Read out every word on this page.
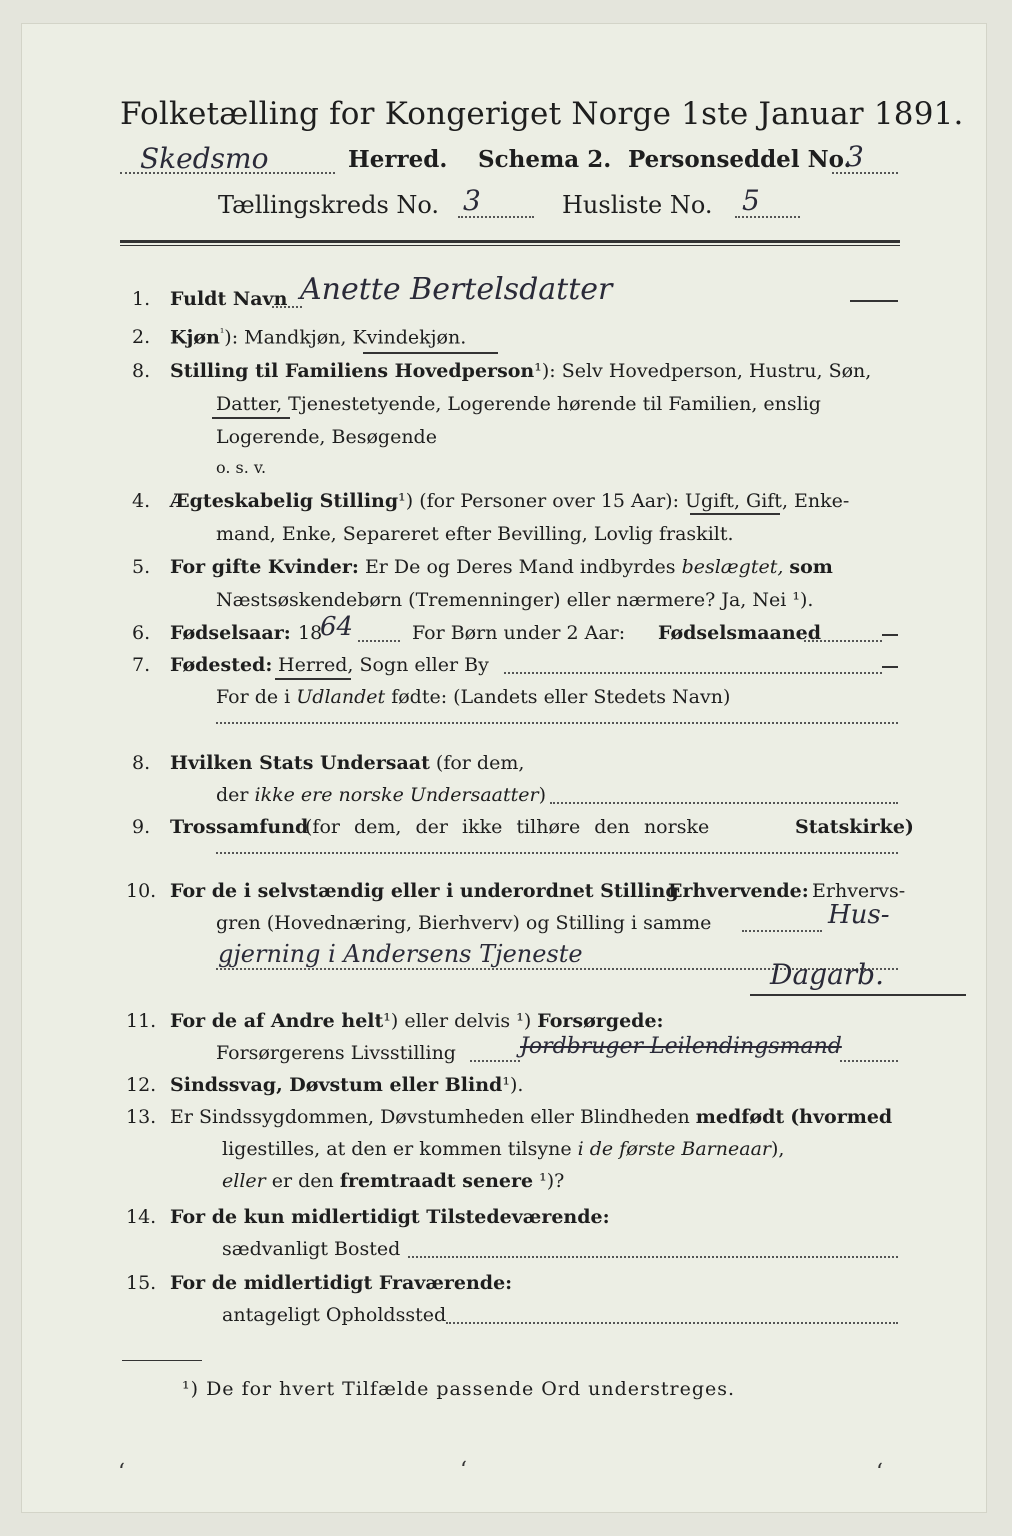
Folketælling for Kongeriget Norge 1ste Januar 1891.
Skedsmo	Herred. Schema 2. Personseddel No.
3
Tællingskreds No. 3	Husliste No. 5
1. Fuldt Navn Anette Bertelsdatter
2. Kjøn$^{^1}$): Mandkjøn, Kvindekjøn.
8. Stilling til Familiens Hovedperson¹): Selv Hovedperson, Hustru, Søn,
Datter, Tjenestetyende, Logerende hørende til Familien, enslig
Logerende, Besøgende
o. s. v.
4. Ægteskabelig Stilling¹) (for Personer over 15 Aar): Ugift, Gift, Enke-
mand, Enke, Separeret efter Bevilling, Lovlig fraskilt.
5. For gifte Kvinder: Er De og Deres Mand indbyrdes beslægtet, som
Næstsøskendebørn (Tremenninger) eller nærmere? Ja, Nei ¹).
6. Fødselsaar: 18
64	For Børn under 2 Aar: Fødselsmaaned
7. Fødested: Herred, Sogn eller By
For de i Udlandet fødte: (Landets eller Stedets Navn)
8. Hvilken Stats Undersaat (for dem,
der ikke ere norske Undersaatter)
9. Trossamfund
(for dem, der ikke tilhøre den norske	Statskirke)
10. For de i selvstændig eller i underordnet Stilling
Erhvervende: Erhvervs-
gren (Hovednæring, Bierhverv) og Stilling i samme	Hus-
gjerning i Andersens Tjeneste
Dagarb.
11. For de af Andre helt¹) eller delvis ¹) Forsørgede:
Forsørgerens Livsstilling	Jordbruger Leilendingsmand
12. Sindssvag, Døvstum eller Blind¹).
13. Er Sindssygdommen, Døvstumheden eller Blindheden medfødt (hvormed
ligestilles, at den er kommen tilsyne i de første Barneaar),
eller er den fremtraadt senere ¹)?
14. For de kun midlertidigt Tilstedeværende:
sædvanligt Bosted
15. For de midlertidigt Fraværende:
antageligt Opholdssted
¹) De for hvert Tilfælde passende Ord understreges.
ʻ	ʻ	ʻ
